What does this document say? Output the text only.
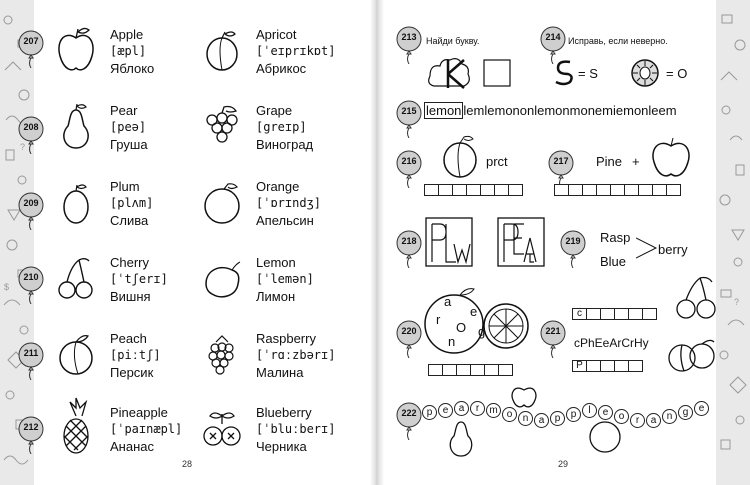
?
$
?
207	Apple
[æpl]
Яблоко
Apricot
[ˈeɪprɪkɒt]
Абрикос
208
Pear
[peə]
Груша
Grape
[greɪp]
Виноград
209
Plum
[plʌm]
Слива
Orange
[ˈɒrɪndʒ]
Апельсин
210
Cherry
[ˈtʃerɪ]
Вишня
Lemon
[ˈlemən]
Лимон
211
Peach
[piːtʃ]
Персик
Raspberry
[ˈrɑːzbərɪ]
Малина
212
Pineapple
[ˈpaɪnæpl]
Ананас
Blueberry
[ˈbluːberɪ]
Черника
28
213	Найди букву.	214 Исправь, если неверно.
= S	= O
215 lemon lemlemononlemonmonemiemonleem
216	prct	217	Pine +
218	219	Rasp
Blue
berry
220
a
r
e
O g
n
221
c
cPhEeArCrHy
P
222	p	e	a	r	m o	n	a	p	p	l	e	o	r	a	n	g	e
29
